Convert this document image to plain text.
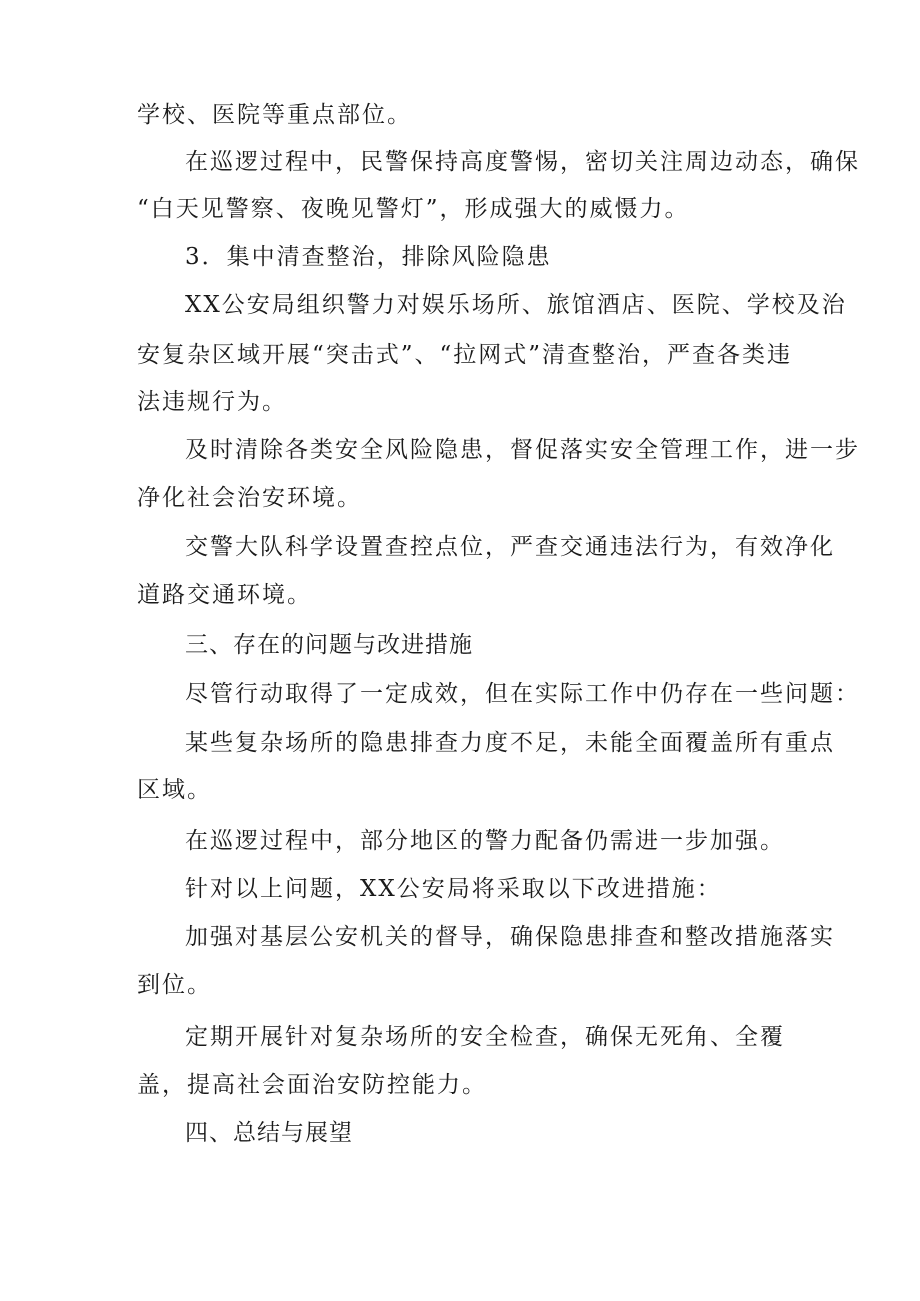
学校、医院等重点部位。
在巡逻过程中，民警保持高度警惕，密切关注周边动态，确保
“白天见警察、夜晚见警灯”，形成强大的威慑力。
3．集中清查整治，排除风险隐患
XX公安局组织警力对娱乐场所、旅馆酒店、医院、学校及治
安复杂区域开展“突击式”、“拉网式”清查整治，严查各类违
法违规行为。
及时清除各类安全风险隐患，督促落实安全管理工作，进一步
净化社会治安环境。
交警大队科学设置查控点位，严查交通违法行为，有效净化
道路交通环境。
三、存在的问题与改进措施
尽管行动取得了一定成效，但在实际工作中仍存在一些问题：
某些复杂场所的隐患排查力度不足，未能全面覆盖所有重点
区域。
在巡逻过程中，部分地区的警力配备仍需进一步加强。
针对以上问题，XX公安局将采取以下改进措施：
加强对基层公安机关的督导，确保隐患排查和整改措施落实
到位。
定期开展针对复杂场所的安全检查，确保无死角、全覆
盖，提高社会面治安防控能力。
四、总结与展望
